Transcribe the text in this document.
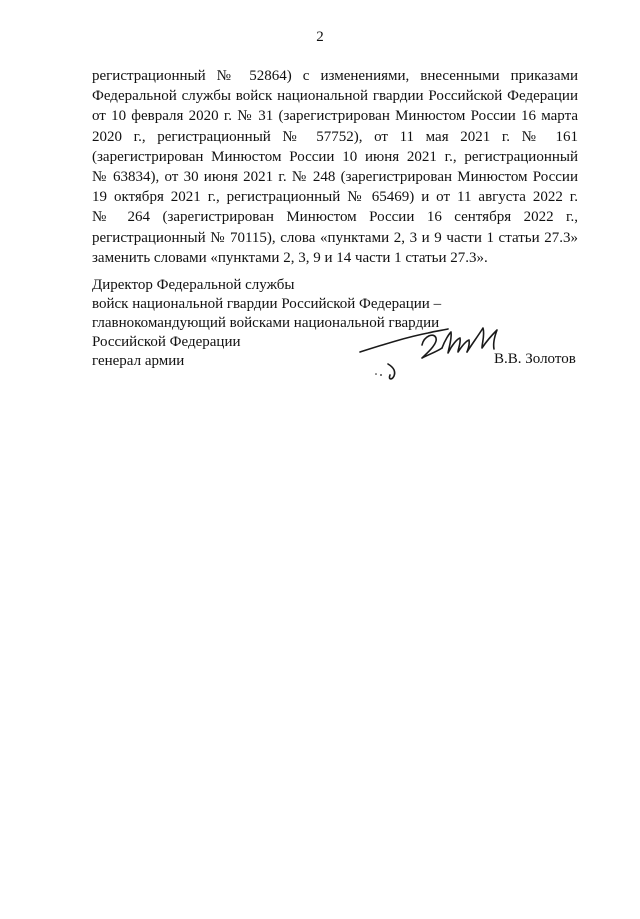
2
регистрационный № 52864) с изменениями, внесенными приказами
Федеральной службы войск национальной гвардии Российской Федерации
от 10 февраля 2020 г. № 31 (зарегистрирован Минюстом России 16 марта
2020 г., регистрационный № 57752), от 11 мая 2021 г. № 161
(зарегистрирован Минюстом России 10 июня 2021 г., регистрационный
№ 63834), от 30 июня 2021 г. № 248 (зарегистрирован Минюстом России
19 октября 2021 г., регистрационный № 65469) и от 11 августа 2022 г.
№ 264 (зарегистрирован Минюстом России 16 сентября 2022 г.,
регистрационный № 70115), слова «пунктами 2, 3 и 9 части 1 статьи 27.3»
заменить словами «пунктами 2, 3, 9 и 14 части 1 статьи 27.3».
Директор Федеральной службы
войск национальной гвардии Российской Федерации –
главнокомандующий войсками национальной гвардии
Российской Федерации
генерал армии	В.В. Золотов
